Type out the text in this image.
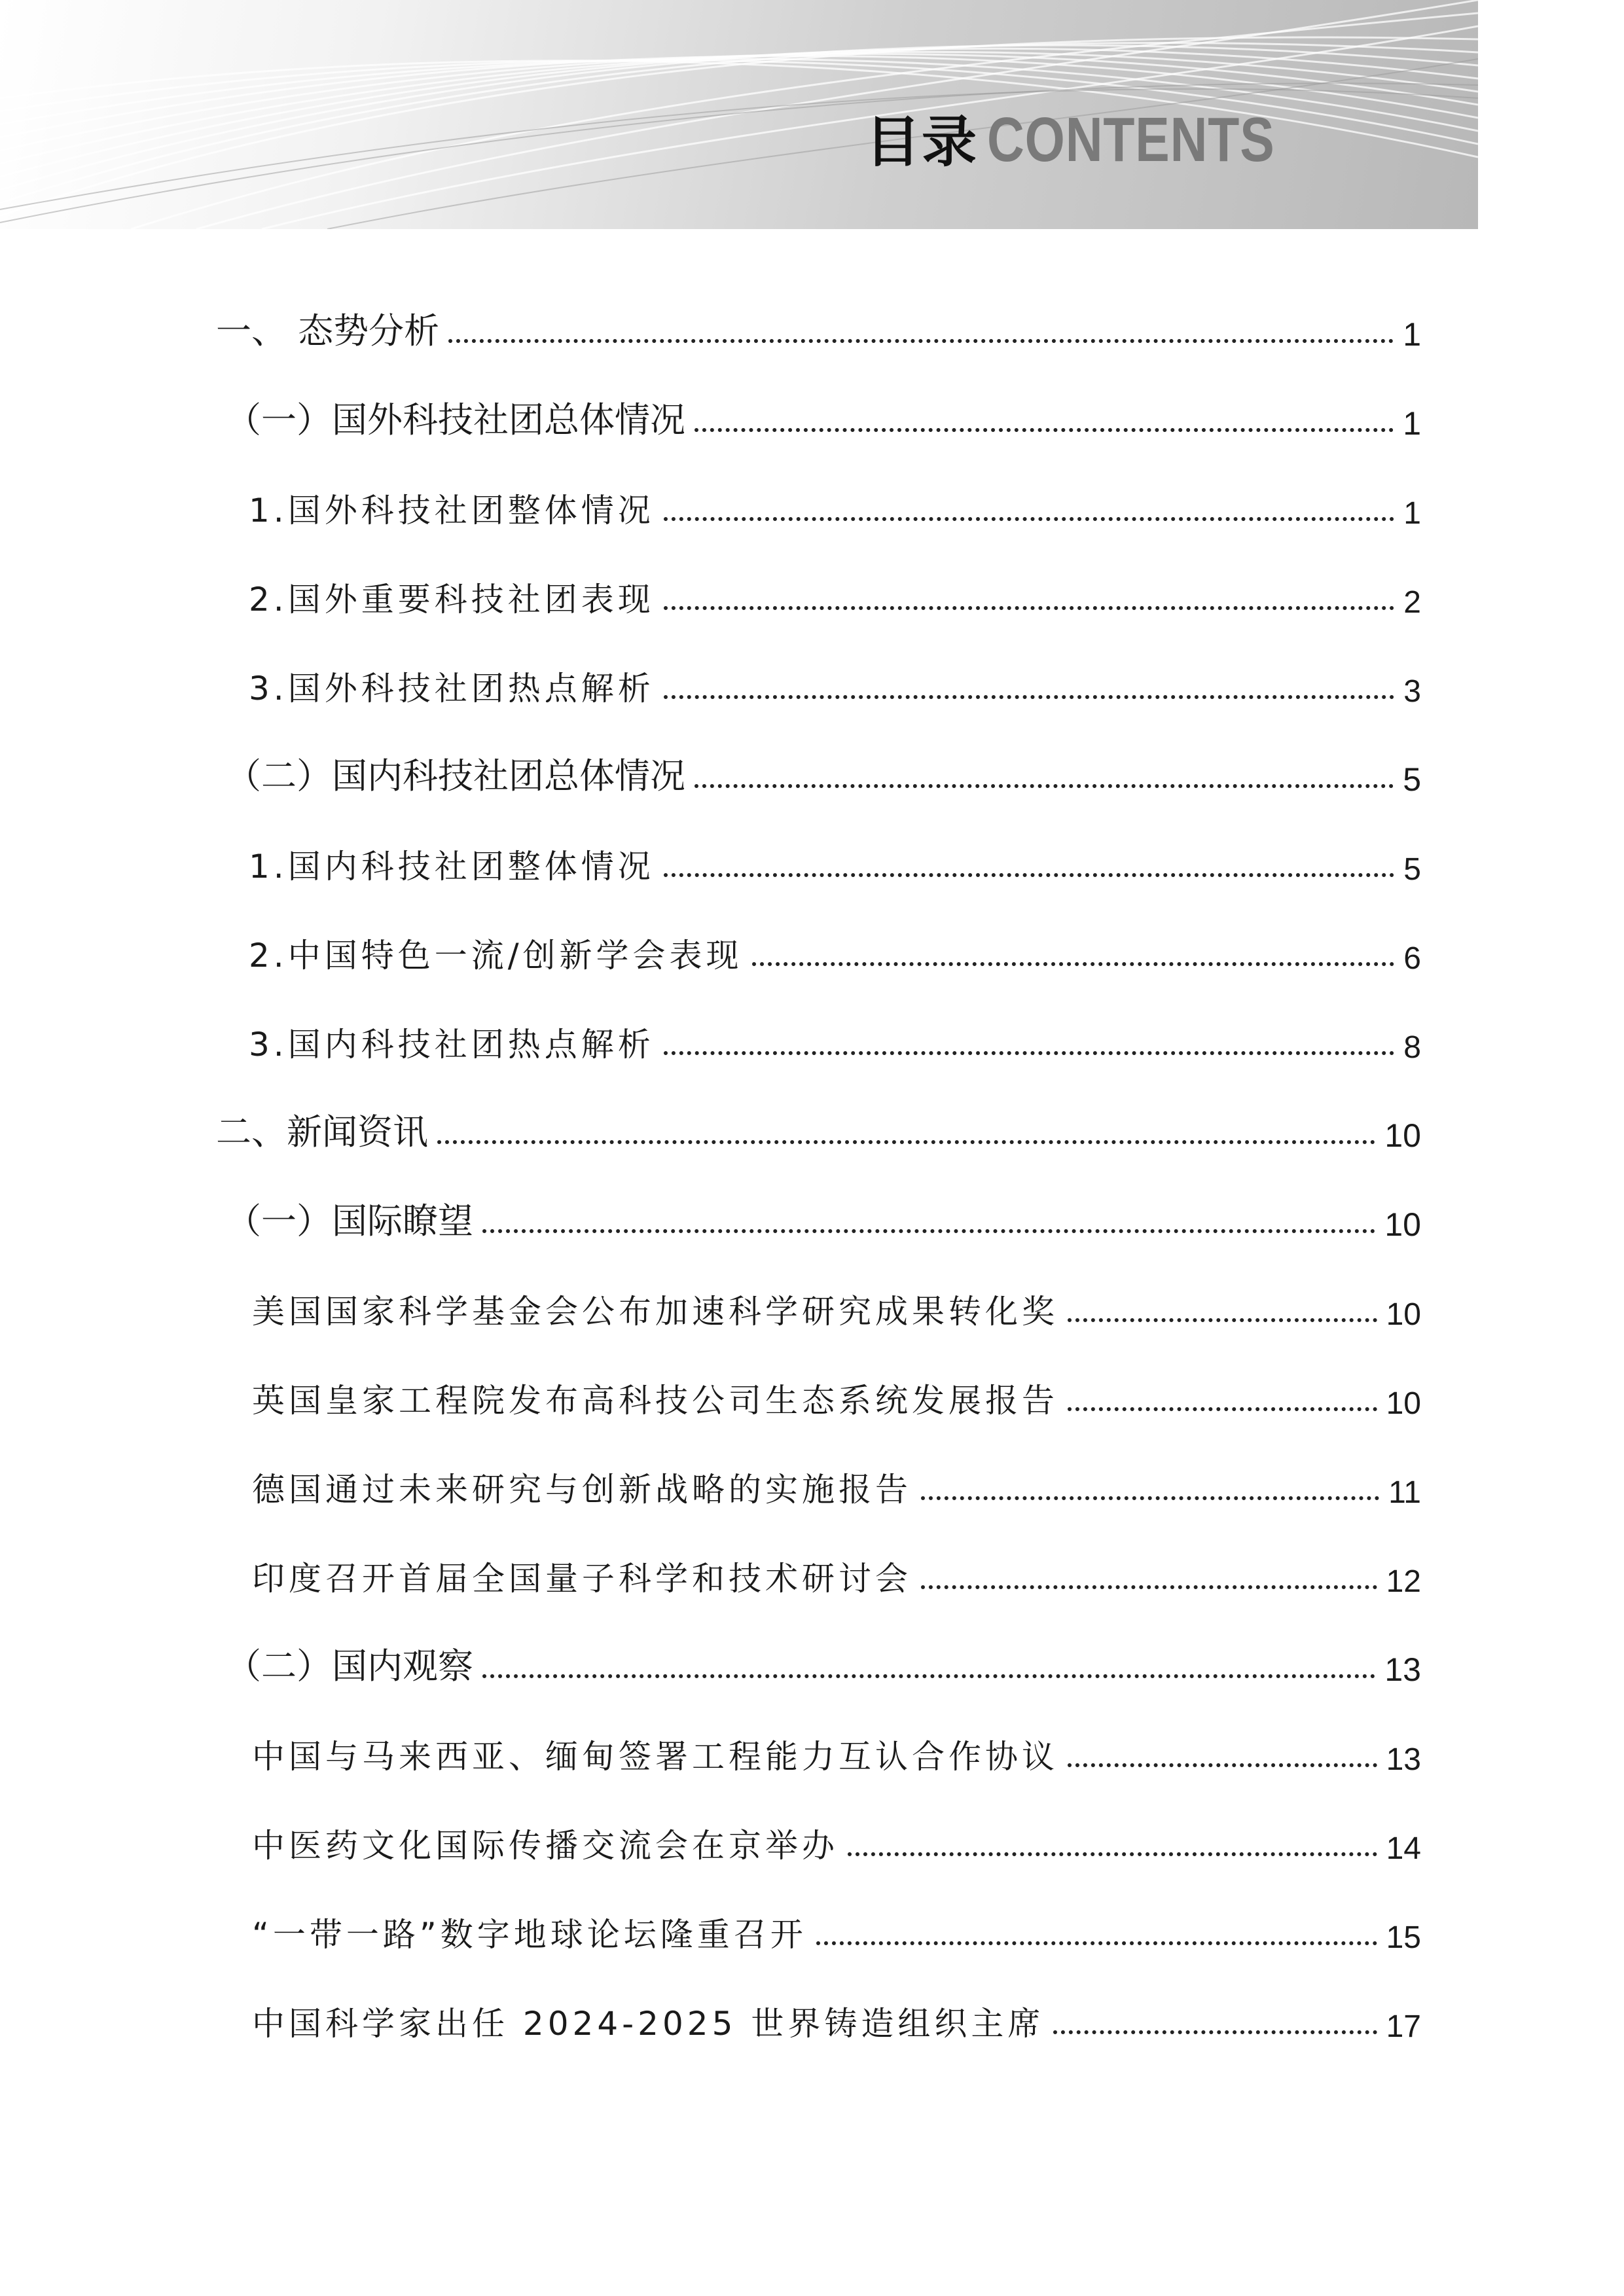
目录 CONTENTS
一、 态势分析	1
（一）国外科技社团总体情况	1
1.国外科技社团整体情况	1
2.国外重要科技社团表现	2
3.国外科技社团热点解析	3
（二）国内科技社团总体情况	5
1.国内科技社团整体情况	5
2.中国特色一流/创新学会表现	6
3.国内科技社团热点解析	8
二、新闻资讯	10
（一）国际瞭望	10
美国国家科学基金会公布加速科学研究成果转化奖	10
英国皇家工程院发布高科技公司生态系统发展报告	10
德国通过未来研究与创新战略的实施报告	11
印度召开首届全国量子科学和技术研讨会	12
（二）国内观察	13
中国与马来西亚、缅甸签署工程能力互认合作协议	13
中医药文化国际传播交流会在京举办	14
“一带一路”数字地球论坛隆重召开	15
中国科学家出任 2024-2025 世界铸造组织主席	17
